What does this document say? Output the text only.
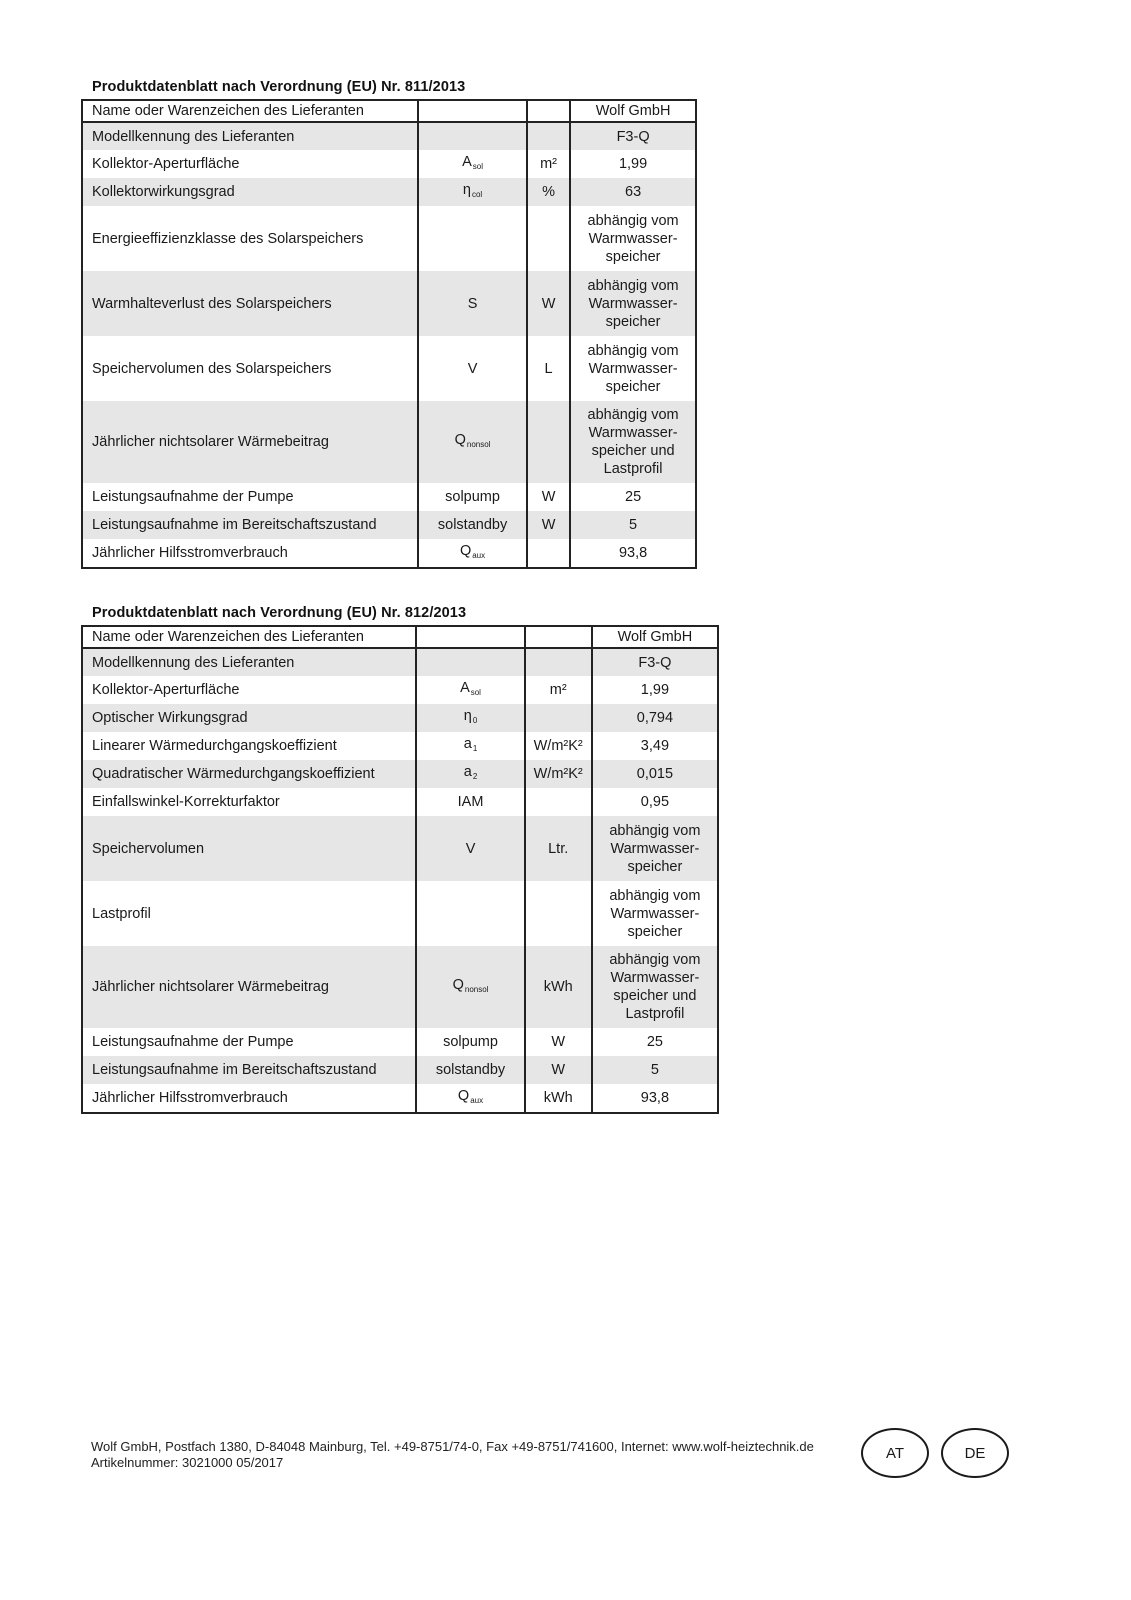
Produktdatenblatt nach Verordnung (EU) Nr. 811/2013
Name oder Warenzeichen des Lieferanten			Wolf GmbH
Modellkennung des Lieferanten			F3-Q
Kollektor-Aperturfläche	$A_{sol}$	m²	1,99
Kollektorwirkungsgrad	$\eta_{col}$	%	63
Energieeffizienzklasse des Solarspeichers			abhängig vom
Warmwasser-
speicher

Warmhalteverlust des Solarspeichers	S	W	abhängig vom
Warmwasser-
speicher

Speichervolumen des Solarspeichers	V	L	abhängig vom
Warmwasser-
speicher

Jährlicher nichtsolarer Wärmebeitrag	$Q_{nonsol}$		abhängig vom
Warmwasser-
speicher und
Lastprofil

Leistungsaufnahme der Pumpe	solpump	W	25
Leistungsaufnahme im Bereitschaftszustand	solstandby	W	5
Jährlicher Hilfsstromverbrauch	$Q_{aux}$		93,8
Produktdatenblatt nach Verordnung (EU) Nr. 812/2013
Name oder Warenzeichen des Lieferanten			Wolf GmbH
Modellkennung des Lieferanten			F3-Q
Kollektor-Aperturfläche	$A_{sol}$	m²	1,99
Optischer Wirkungsgrad	$\eta_0$		0,794
Linearer Wärmedurchgangskoeffizient	$a_1$	W/m²K²	3,49
Quadratischer Wärmedurchgangskoeffizient	$a_2$	W/m²K²	0,015
Einfallswinkel-Korrekturfaktor	IAM		0,95
Speichervolumen	V	Ltr.	abhängig vom
Warmwasser-
speicher

Lastprofil			abhängig vom
Warmwasser-
speicher

Jährlicher nichtsolarer Wärmebeitrag	$Q_{nonsol}$	kWh	abhängig vom
Warmwasser-
speicher und
Lastprofil

Leistungsaufnahme der Pumpe	solpump	W	25
Leistungsaufnahme im Bereitschaftszustand	solstandby	W	5
Jährlicher Hilfsstromverbrauch	$Q_{aux}$	kWh	93,8
Wolf GmbH, Postfach 1380, D-84048 Mainburg, Tel. +49-8751/74-0, Fax +49-8751/741600, Internet: www.wolf-heiztechnik.de
Artikelnummer: 3021000 05/2017
AT	DE
